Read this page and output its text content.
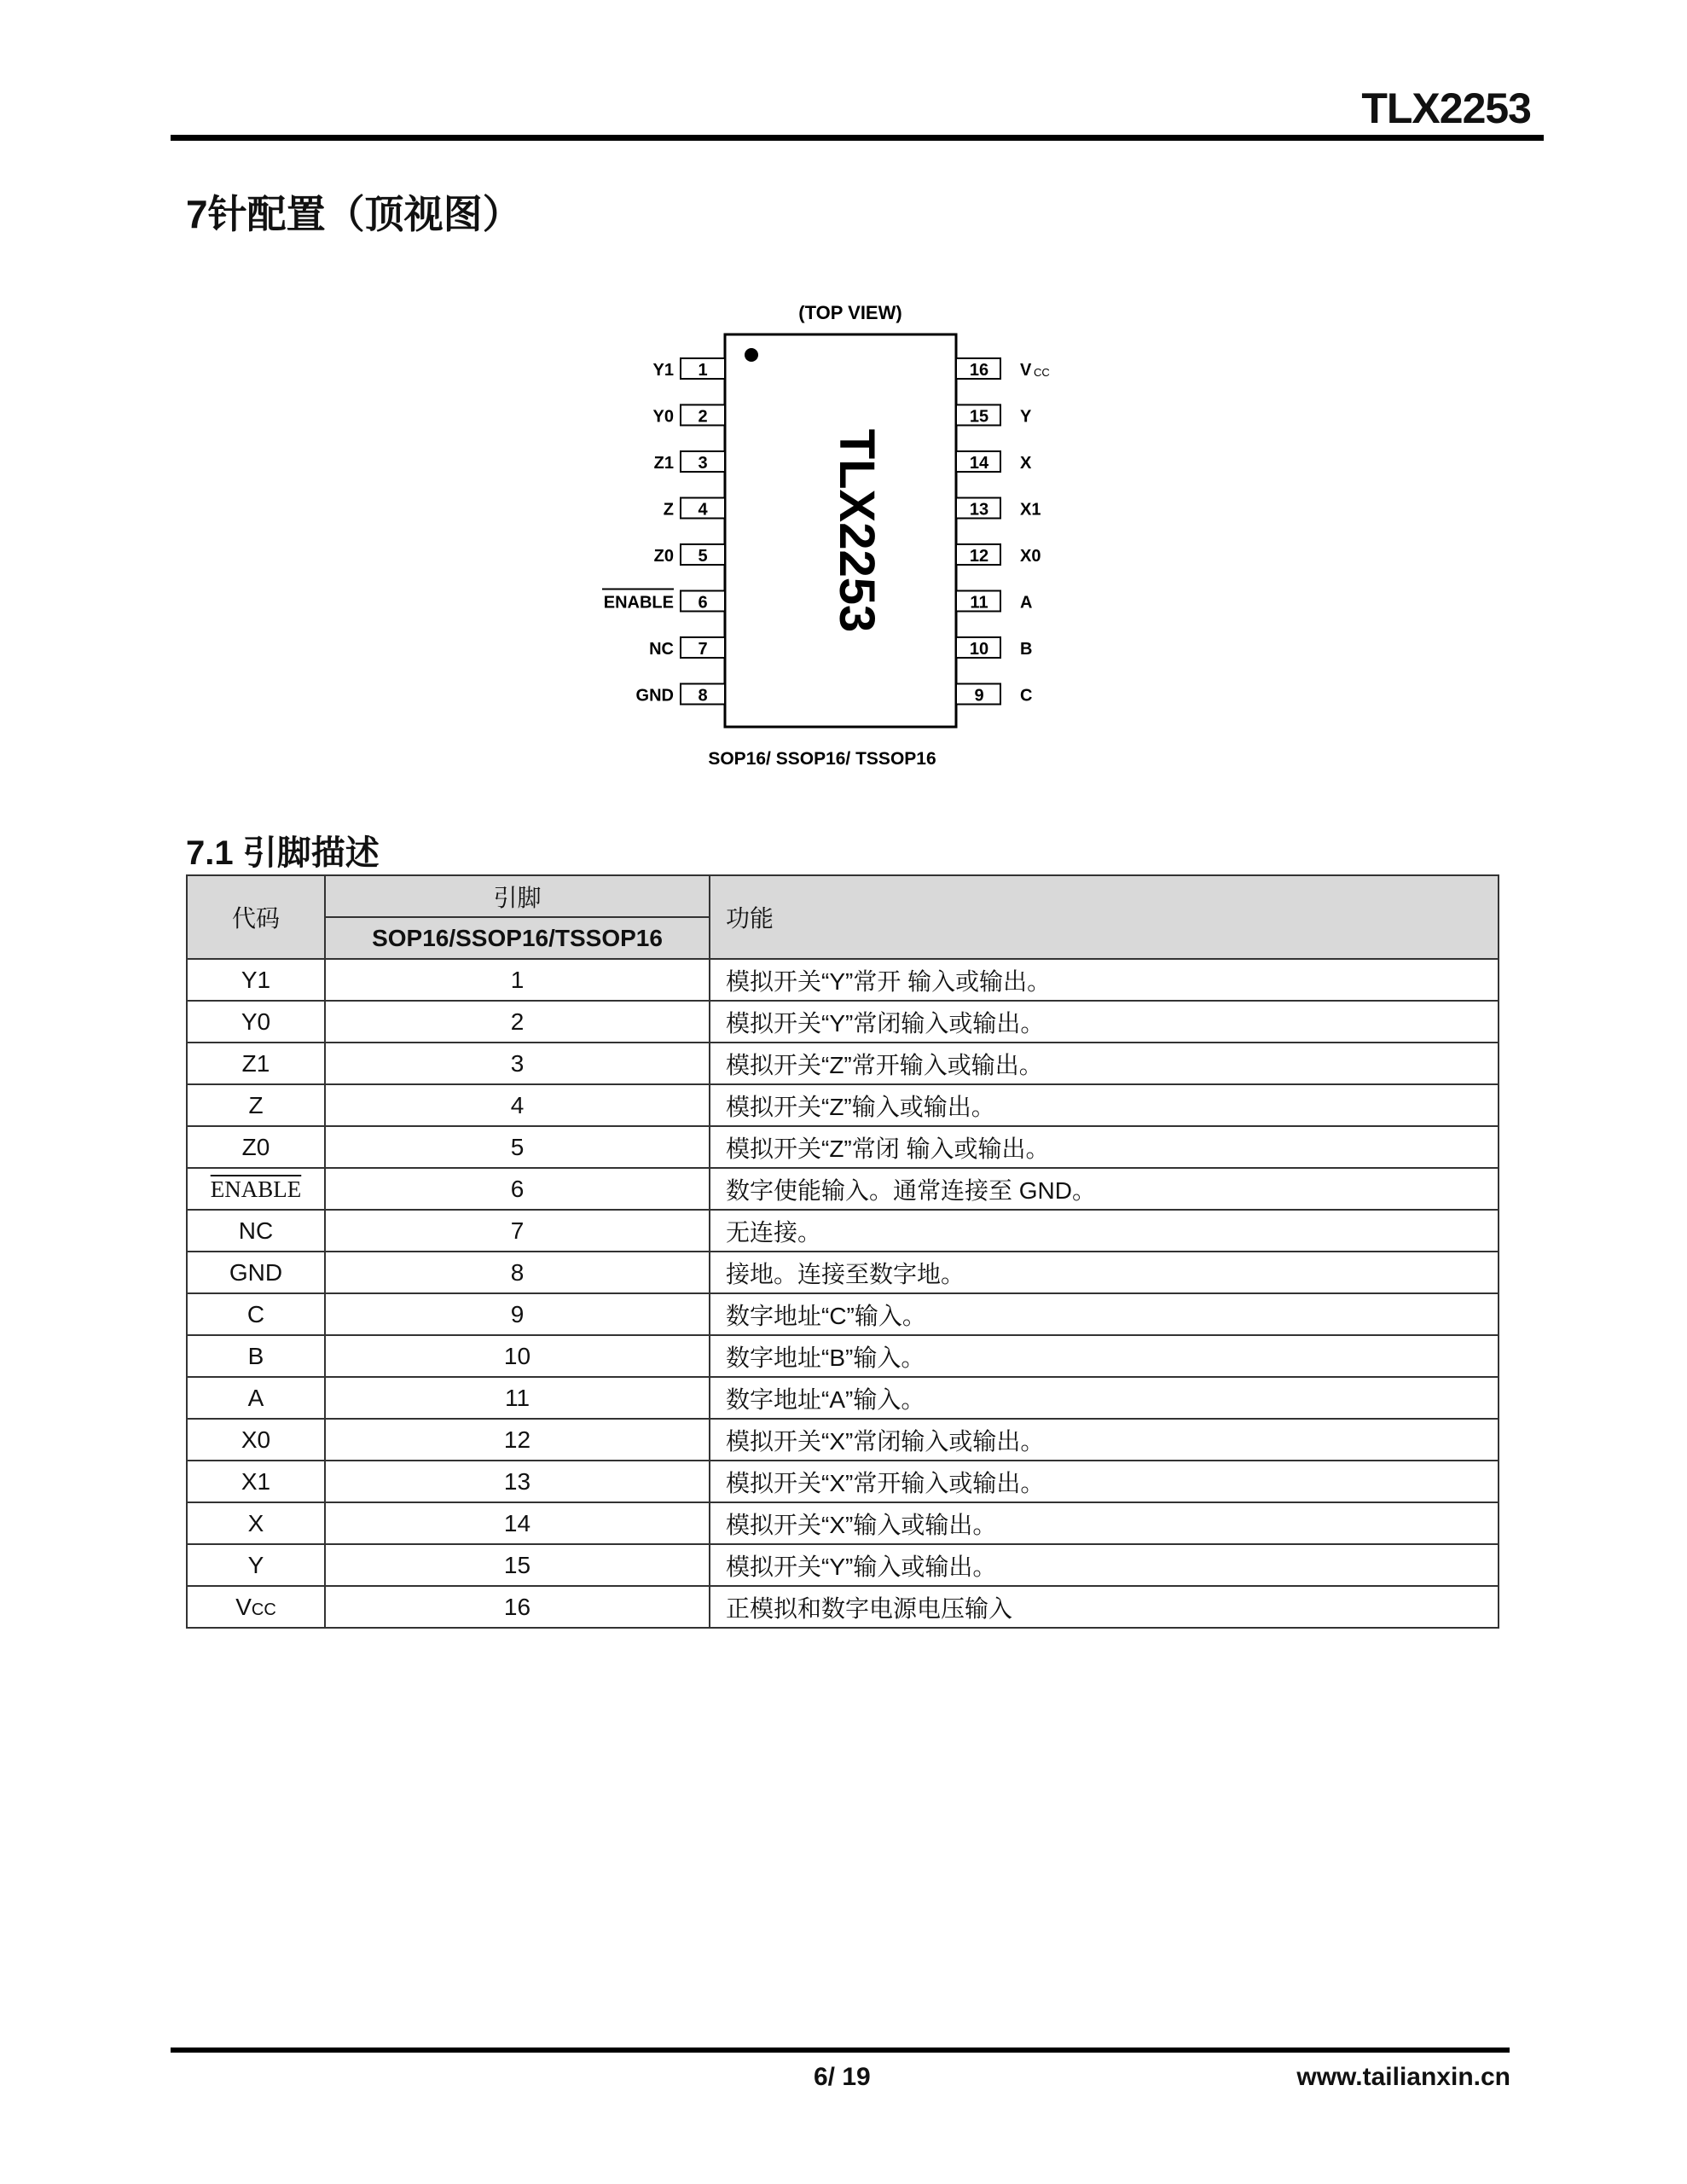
TLX2253
7针配置（顶视图）
(TOP VIEW)
TLX2253
1
Y1
2
Y0
3
Z1
4
Z
5
Z0
6
ENABLE
7
NC
8
GND
16 V CC
15 Y
14 X
13 X1
12 X0
11 A
10 B
9 C
SOP16/ SSOP16/ TSSOP16
7.1 引脚描述
代码	引脚	功能
	SOP16/SSOP16/TSSOP16	
Y1	1	模拟开关“Y”常开 输入或输出。
Y0	2	模拟开关“Y”常闭输入或输出。
Z1	3	模拟开关“Z”常开输入或输出。
Z	4	模拟开关“Z”输入或输出。
Z0	5	模拟开关“Z”常闭 输入或输出。
ENABLE	6	数字使能输入。通常连接至 GND。
NC	7	无连接。
GND	8	接地。连接至数字地。
C	9	数字地址“C”输入。
B	10	数字地址“B”输入。
A	11	数字地址“A”输入。
X0	12	模拟开关“X”常闭输入或输出。
X1	13	模拟开关“X”常开输入或输出。
X	14	模拟开关“X”输入或输出。
Y	15	模拟开关“Y”输入或输出。
VCC	16	正模拟和数字电源电压输入
6/ 19	www.tailianxin.cn
